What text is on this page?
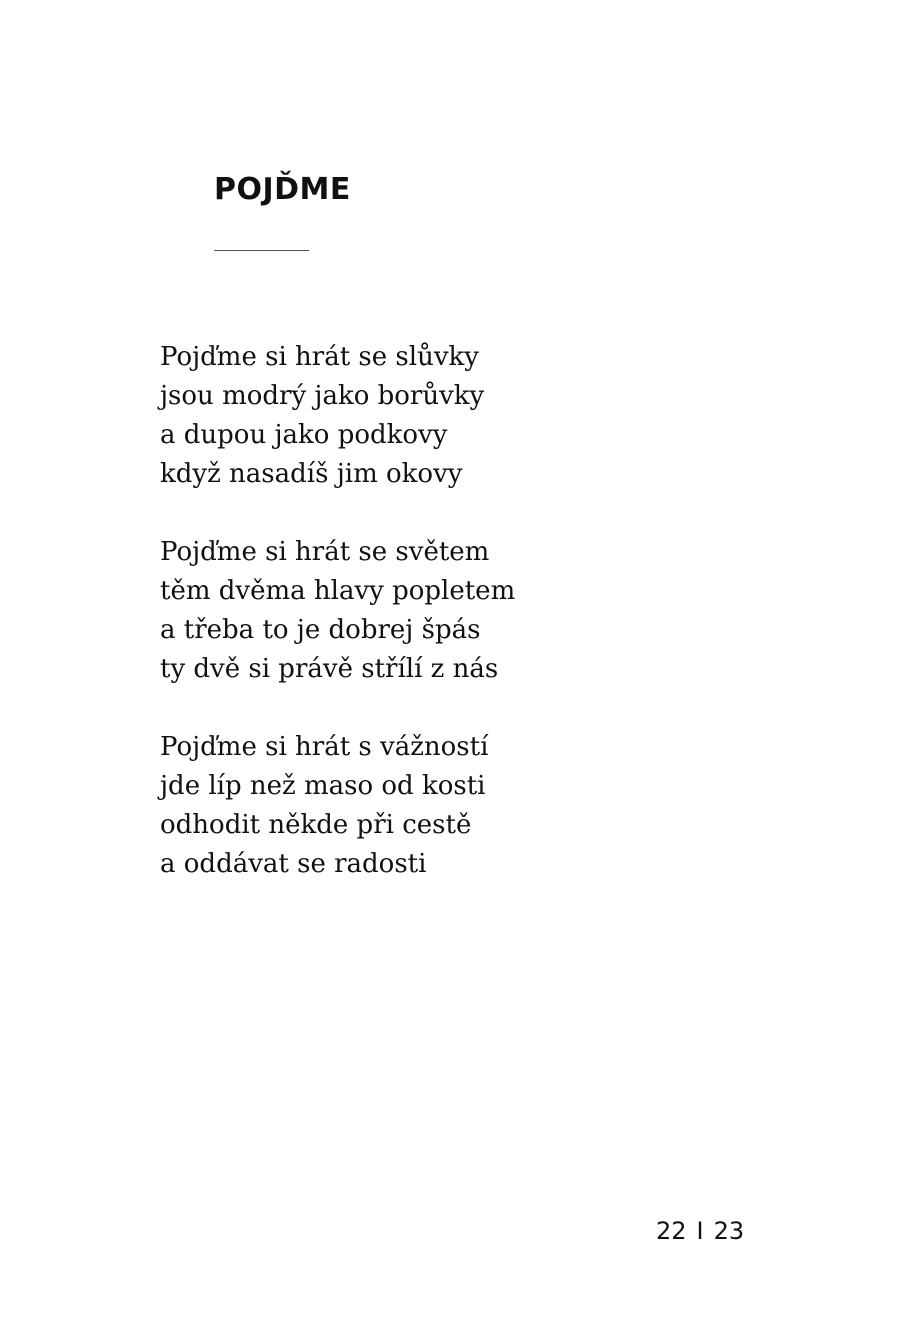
POJĎME
Pojďme si hrát se slůvky
jsou modrý jako borůvky
a dupou jako podkovy
když nasadíš jim okovy
Pojďme si hrát se světem
těm dvěma hlavy popletem
a třeba to je dobrej špás
ty dvě si právě střílí z nás
Pojďme si hrát s vážností
jde líp než maso od kosti
odhodit někde při cestě
a oddávat se radosti
22 I 23
